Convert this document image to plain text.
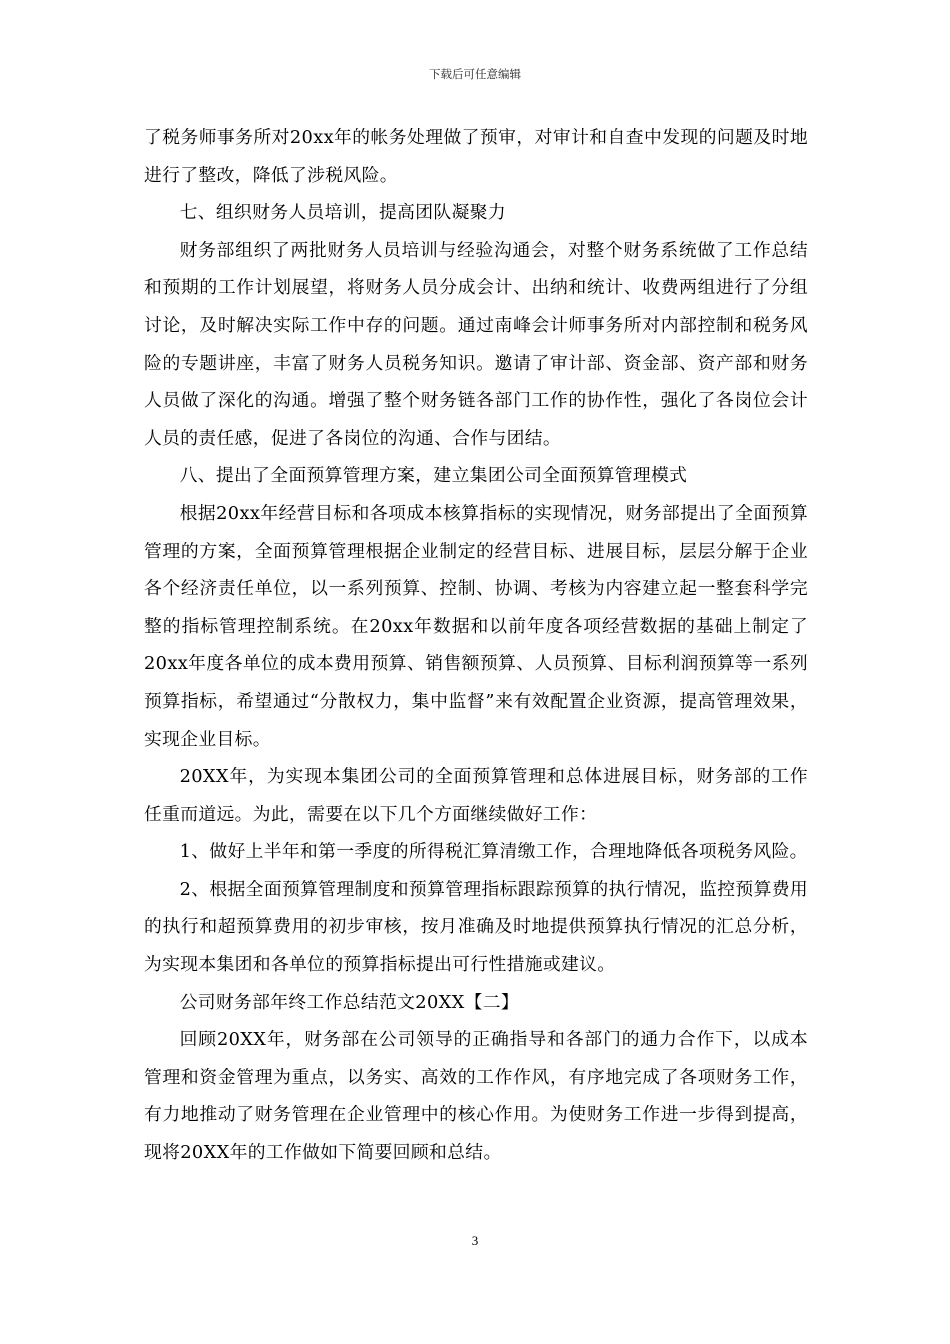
下载后可任意编辑

了税务师事务所对20xx年的帐务处理做了预审，对审计和自查中发现的问题及时地进行了整改，降低了涉税风险。

七、组织财务人员培训，提高团队凝聚力

财务部组织了两批财务人员培训与经验沟通会，对整个财务系统做了工作总结和预期的工作计划展望，将财务人员分成会计、出纳和统计、收费两组进行了分组讨论，及时解决实际工作中存的问题。通过南峰会计师事务所对内部控制和税务风险的专题讲座，丰富了财务人员税务知识。邀请了审计部、资金部、资产部和财务人员做了深化的沟通。增强了整个财务链各部门工作的协作性，强化了各岗位会计人员的责任感，促进了各岗位的沟通、合作与团结。

八、提出了全面预算管理方案，建立集团公司全面预算管理模式

根据20xx年经营目标和各项成本核算指标的实现情况，财务部提出了全面预算管理的方案，全面预算管理根据企业制定的经营目标、进展目标，层层分解于企业各个经济责任单位，以一系列预算、控制、协调、考核为内容建立起一整套科学完整的指标管理控制系统。在20xx年数据和以前年度各项经营数据的基础上制定了20xx年度各单位的成本费用预算、销售额预算、人员预算、目标利润预算等一系列预算指标，希望通过“分散权力，集中监督”来有效配置企业资源，提高管理效果，实现企业目标。

20XX年，为实现本集团公司的全面预算管理和总体进展目标，财务部的工作任重而道远。为此，需要在以下几个方面继续做好工作：

1、做好上半年和第一季度的所得税汇算清缴工作，合理地降低各项税务风险。

2、根据全面预算管理制度和预算管理指标跟踪预算的执行情况，监控预算费用的执行和超预算费用的初步审核，按月准确及时地提供预算执行情况的汇总分析，为实现本集团和各单位的预算指标提出可行性措施或建议。

公司财务部年终工作总结范文20XX【二】

回顾20XX年，财务部在公司领导的正确指导和各部门的通力合作下，以成本管理和资金管理为重点，以务实、高效的工作作风，有序地完成了各项财务工作，有力地推动了财务管理在企业管理中的核心作用。为使财务工作进一步得到提高，现将20XX年的工作做如下简要回顾和总结。

3
